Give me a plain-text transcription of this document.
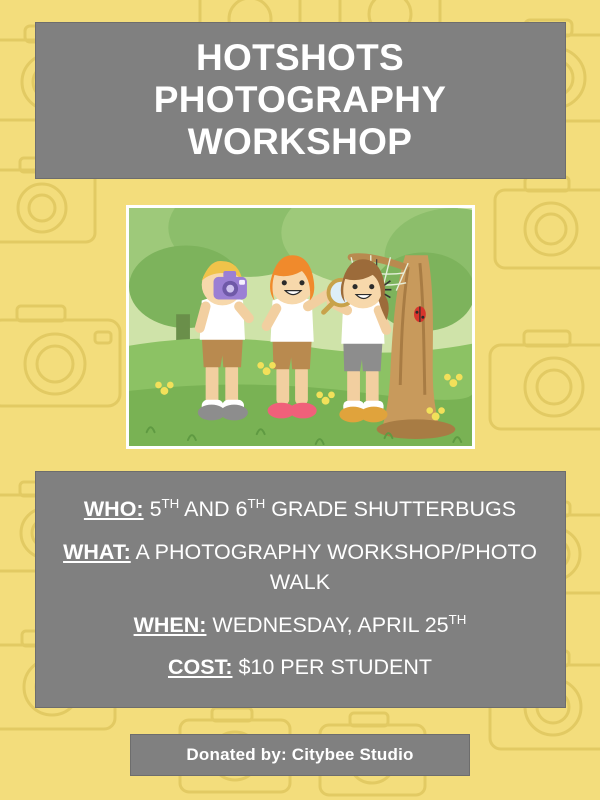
HOTSHOTS PHOTOGRAPHY WORKSHOP
WHO: 5TH AND 6TH GRADE SHUTTERBUGS
WHAT: A PHOTOGRAPHY WORKSHOP/PHOTO WALK
WHEN: WEDNESDAY, APRIL 25TH
COST: $10 PER STUDENT
Donated by: Citybee Studio
